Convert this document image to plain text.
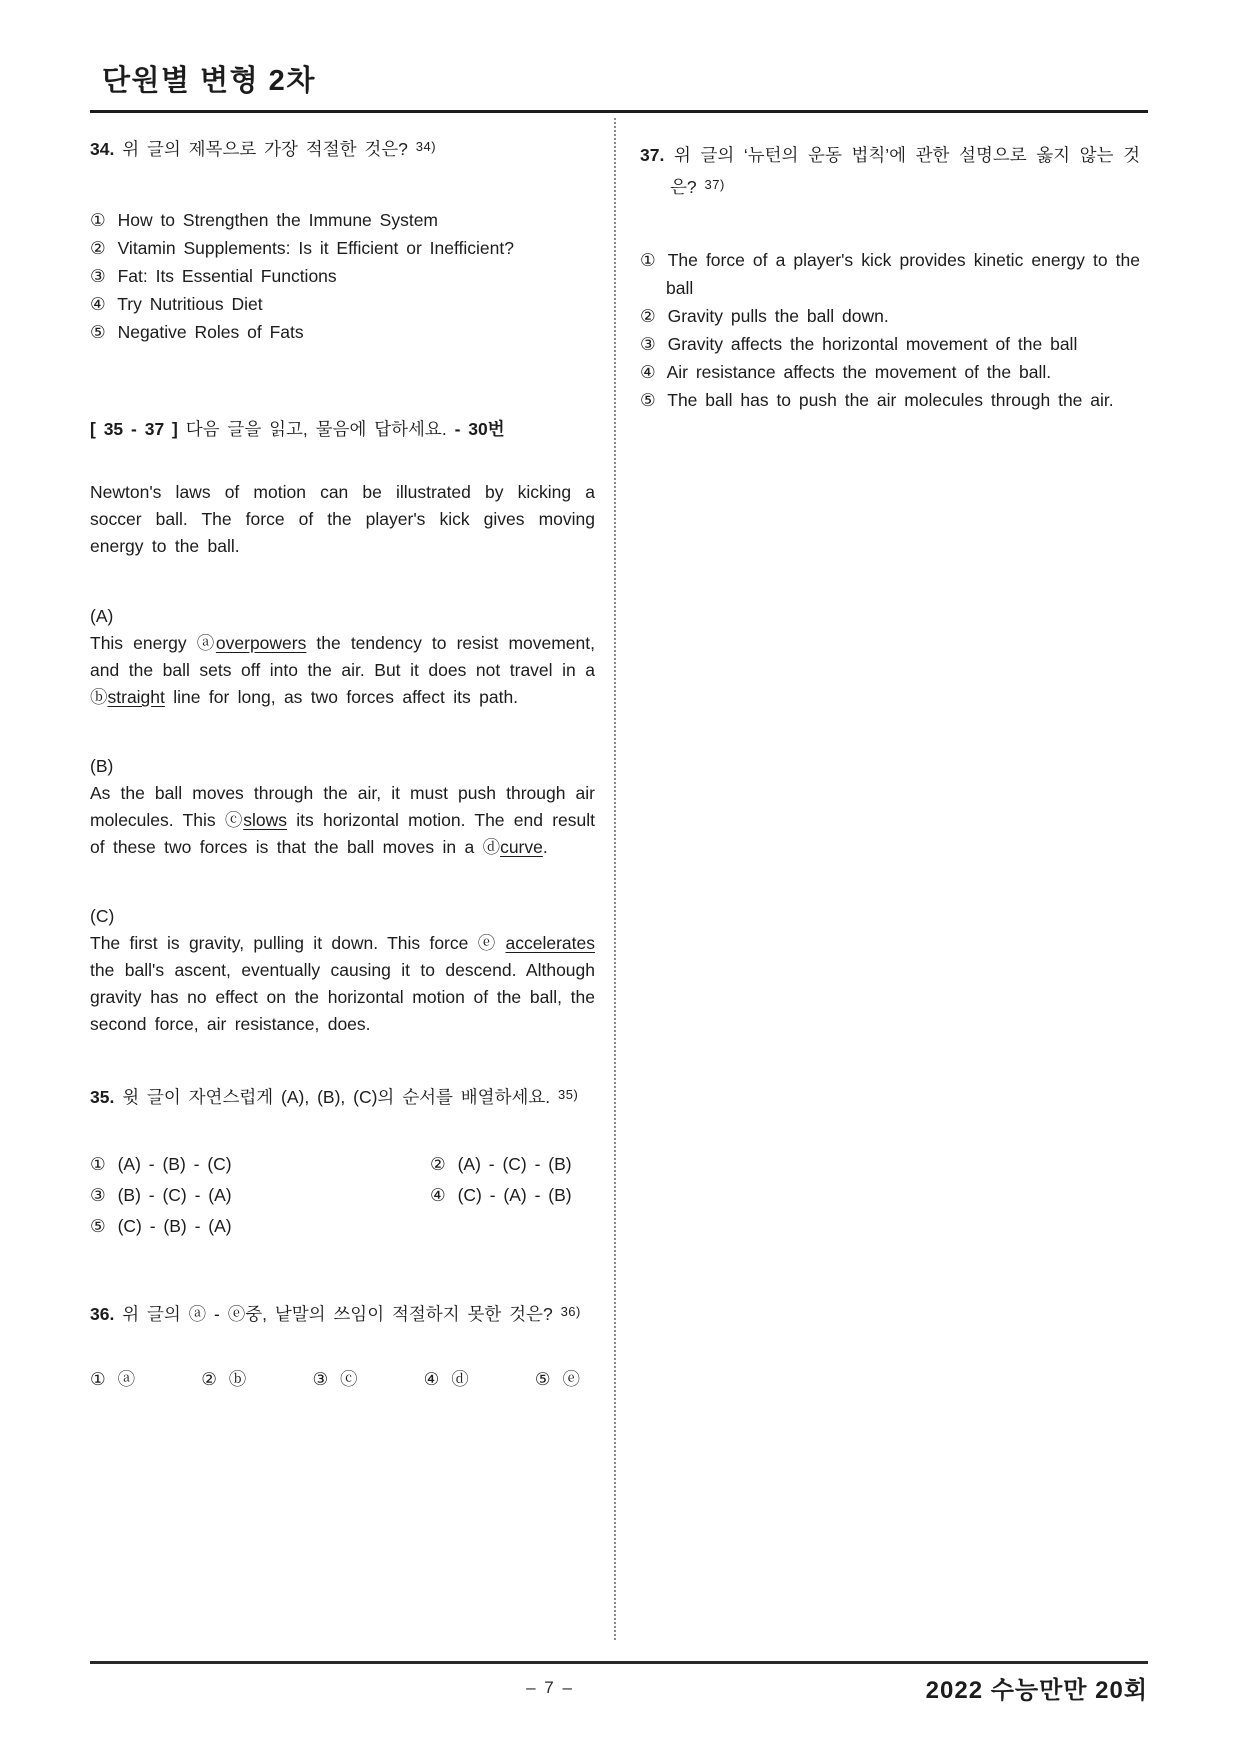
단원별 변형 2차
34. 위 글의 제목으로 가장 적절한 것은? $^{34)}$
① How to Strengthen the Immune System
② Vitamin Supplements: Is it Efficient or Inefficient?
③ Fat: Its Essential Functions
④ Try Nutritious Diet
⑤ Negative Roles of Fats
[ 35 - 37 ] 다음 글을 읽고, 물음에 답하세요. - 30번

Newton's laws of motion can be illustrated by kicking a soccer ball. The force of the player's kick gives moving energy to the ball.

(A)

This energy ⓐoverpowers the tendency to resist movement, and the ball sets off into the air. But it does not travel in a ⓑstraight line for long, as two forces affect its path.

(B)

As the ball moves through the air, it must push through air molecules. This ⓒslows its horizontal motion. The end result of these two forces is that the ball moves in a ⓓcurve.

(C)

The first is gravity, pulling it down. This force ⓔ accelerates the ball's ascent, eventually causing it to descend. Although gravity has no effect on the horizontal motion of the ball, the second force, air resistance, does.

35. 윗 글이 자연스럽게 (A), (B), (C)의 순서를 배열하세요. $^{35)}$
① (A) - (B) - (C)	② (A) - (C) - (B)
③ (B) - (C) - (A)	④ (C) - (A) - (B)
⑤ (C) - (B) - (A)
36. 위 글의 ⓐ - ⓔ중, 낱말의 쓰임이 적절하지 못한 것은? $^{36)}$
① ⓐ	② ⓑ	③ ⓒ	④ ⓓ	⑤ ⓔ
37. 위 글의 ‘뉴턴의 운동 법칙’에 관한 설명으로 옳지 않는 것은? $^{37)}$
① The force of a player's kick provides kinetic energy to the ball
② Gravity pulls the ball down.
③ Gravity affects the horizontal movement of the ball
④ Air resistance affects the movement of the ball.
⑤ The ball has to push the air molecules through the air.
– 7 –	2022 수능만만 20회
